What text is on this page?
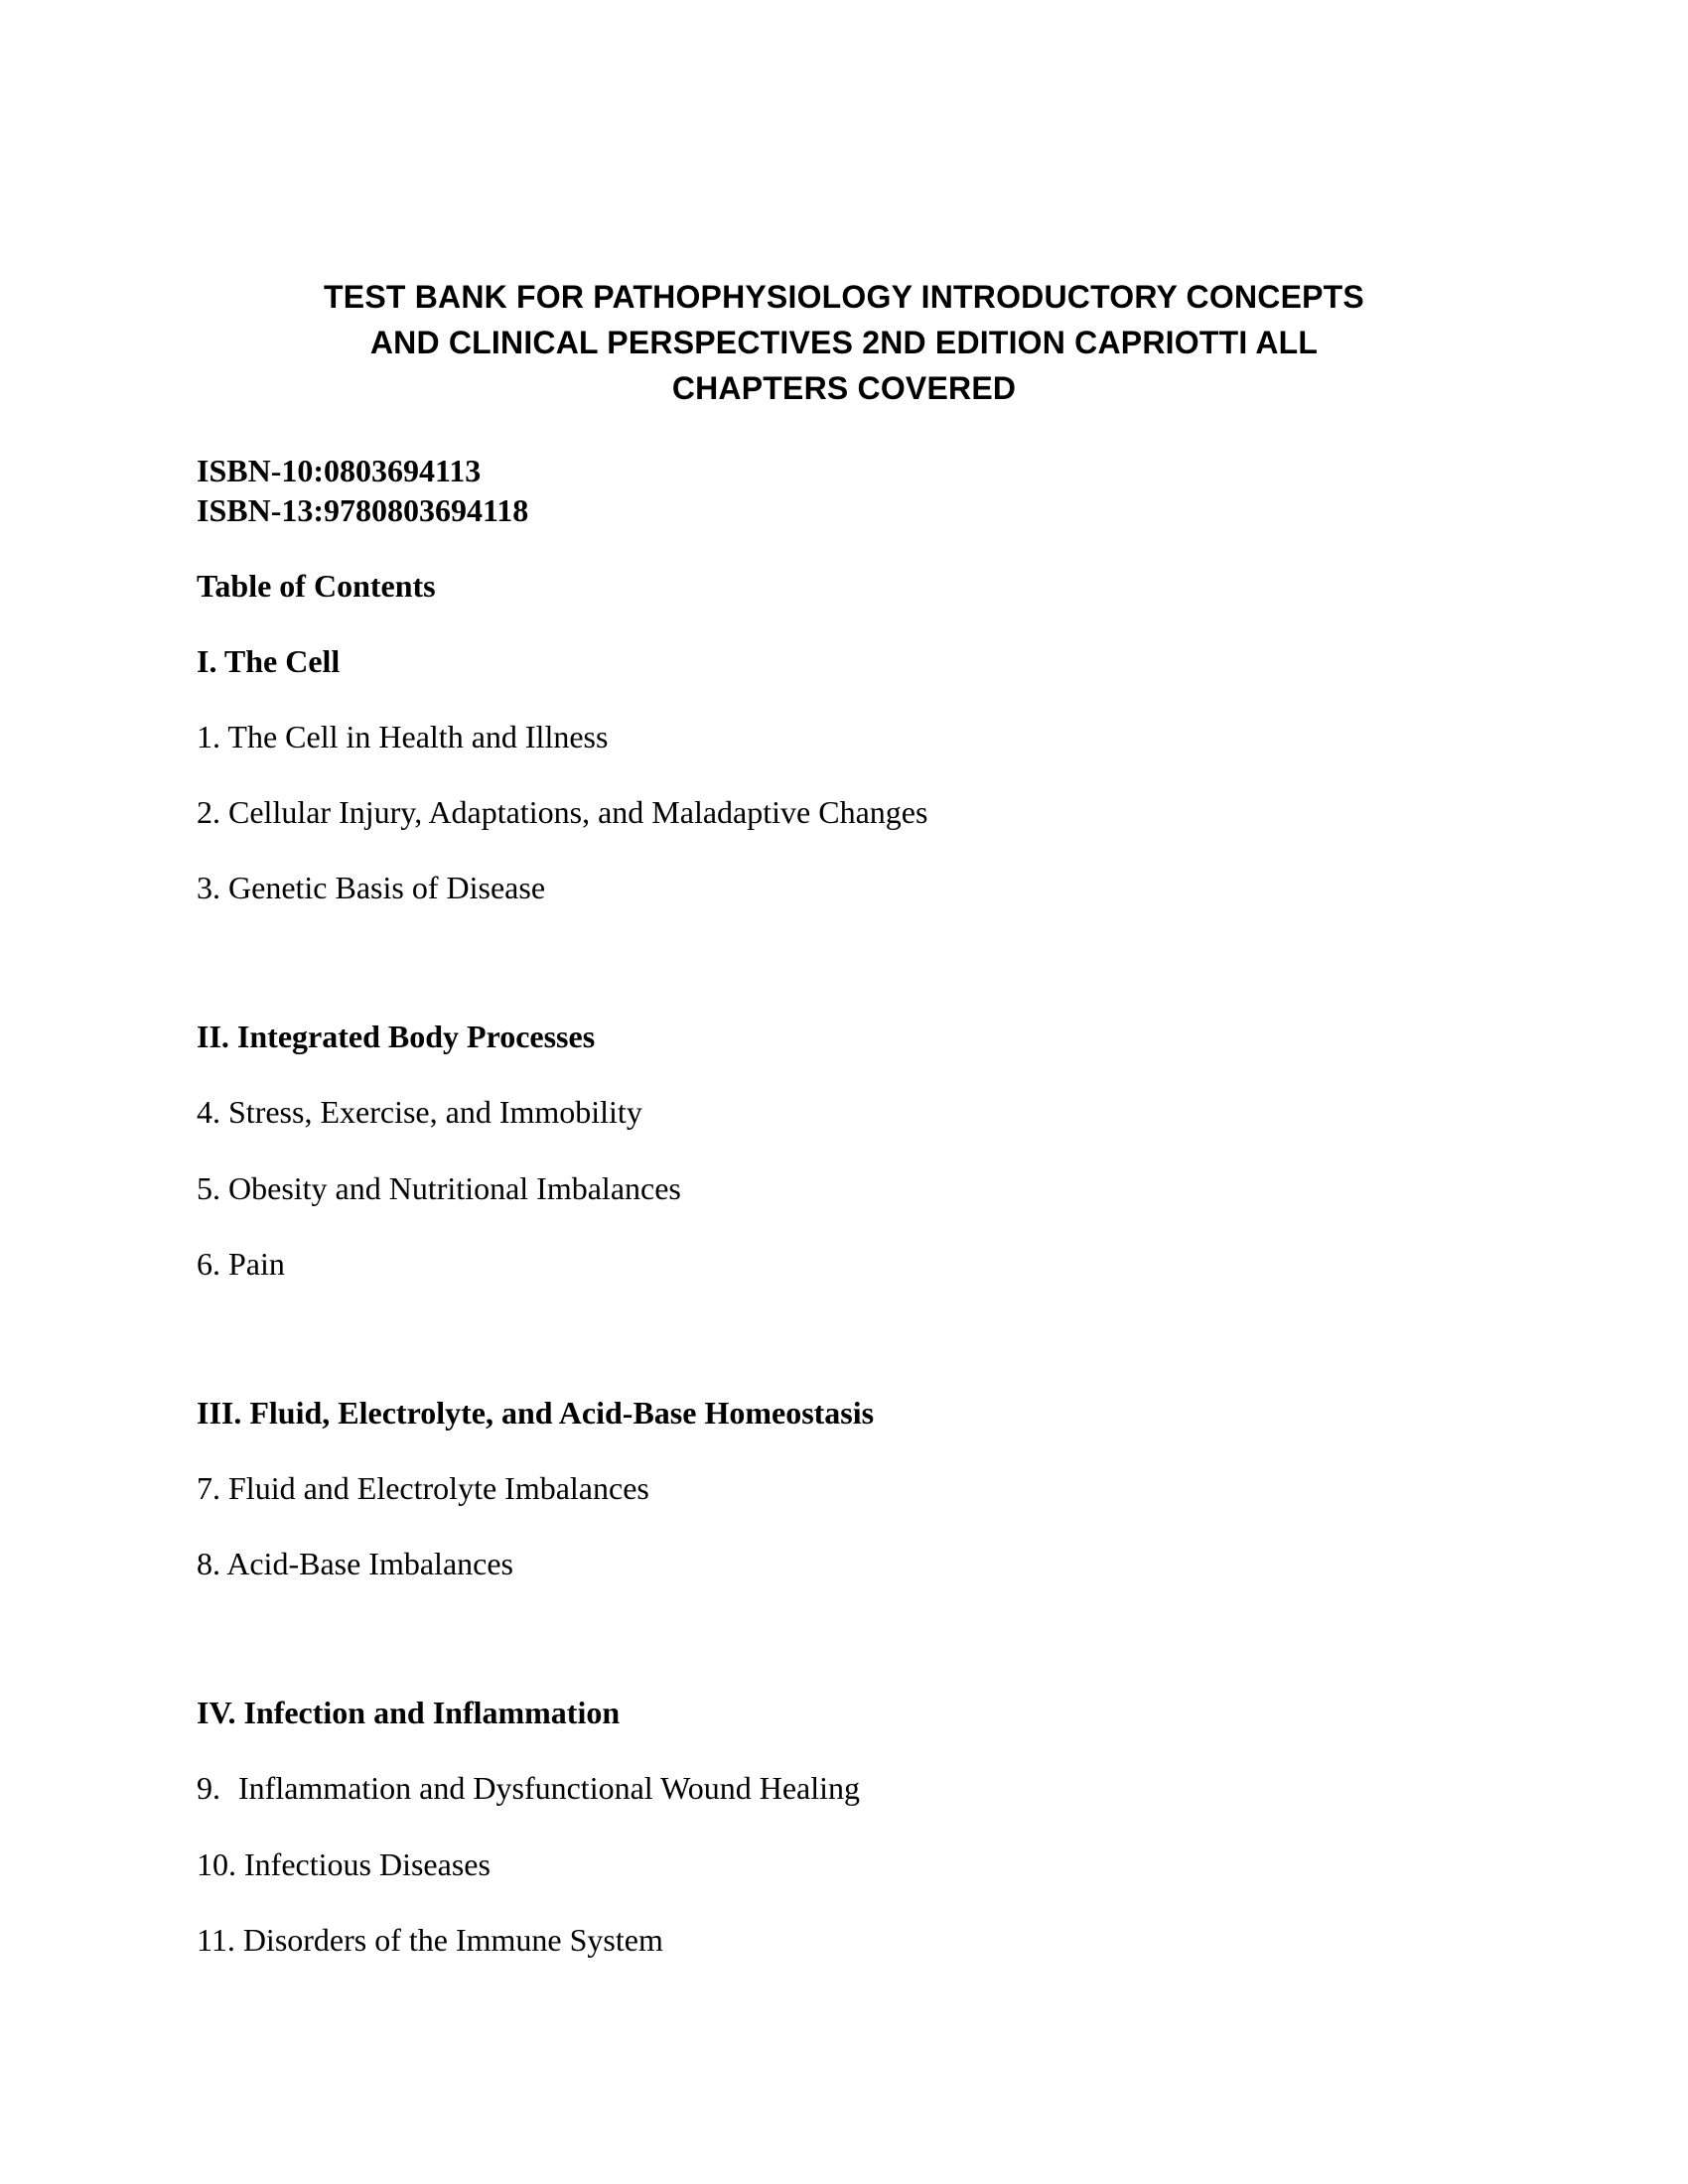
TEST BANK FOR PATHOPHYSIOLOGY INTRODUCTORY CONCEPTS
AND CLINICAL PERSPECTIVES 2ND EDITION CAPRIOTTI ALL
CHAPTERS COVERED
ISBN-10:0803694113
ISBN-13:9780803694118
Table of Contents
I. The Cell
1. The Cell in Health and Illness
2. Cellular Injury, Adaptations, and Maladaptive Changes
3. Genetic Basis of Disease
II. Integrated Body Processes
4. Stress, Exercise, and Immobility
5. Obesity and Nutritional Imbalances
6. Pain
III. Fluid, Electrolyte, and Acid-Base Homeostasis
7. Fluid and Electrolyte Imbalances
8. Acid-Base Imbalances
IV. Infection and Inflammation
9. Inflammation and Dysfunctional Wound Healing
10. Infectious Diseases
11. Disorders of the Immune System
